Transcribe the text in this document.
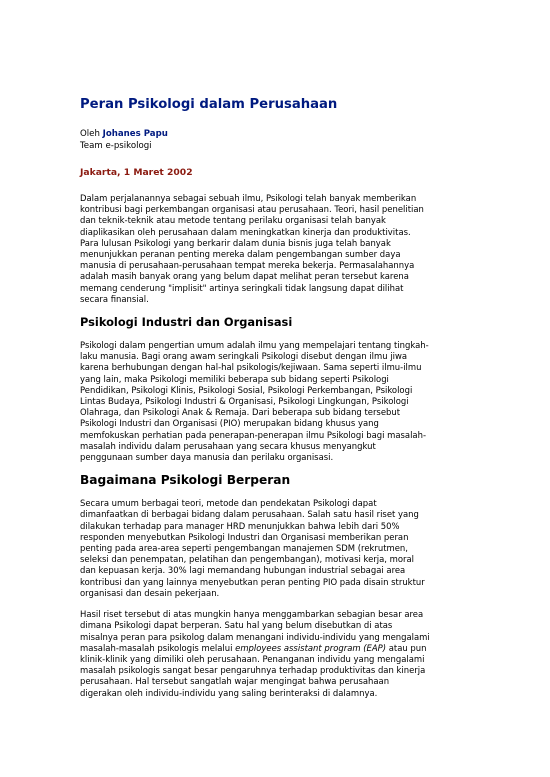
Peran Psikologi dalam Perusahaan

Oleh Johanes Papu

Team e-psikologi

Jakarta, 1 Maret 2002

Dalam perjalanannya sebagai sebuah ilmu, Psikologi telah banyak memberikan
kontribusi bagi perkembangan organisasi atau perusahaan. Teori, hasil penelitian
dan teknik-teknik atau metode tentang perilaku organisasi telah banyak
diaplikasikan oleh perusahaan dalam meningkatkan kinerja dan produktivitas.
Para lulusan Psikologi yang berkarir dalam dunia bisnis juga telah banyak
menunjukkan peranan penting mereka dalam pengembangan sumber daya
manusia di perusahaan-perusahaan tempat mereka bekerja. Permasalahannya
adalah masih banyak orang yang belum dapat melihat peran tersebut karena
memang cenderung "implisit" artinya seringkali tidak langsung dapat dilihat
secara finansial.

Psikologi Industri dan Organisasi

Psikologi dalam pengertian umum adalah ilmu yang mempelajari tentang tingkah-
laku manusia. Bagi orang awam seringkali Psikologi disebut dengan ilmu jiwa
karena berhubungan dengan hal-hal psikologis/kejiwaan. Sama seperti ilmu-ilmu
yang lain, maka Psikologi memiliki beberapa sub bidang seperti Psikologi
Pendidikan, Psikologi Klinis, Psikologi Sosial, Psikologi Perkembangan, Psikologi
Lintas Budaya, Psikologi Industri & Organisasi, Psikologi Lingkungan, Psikologi
Olahraga, dan Psikologi Anak & Remaja. Dari beberapa sub bidang tersebut
Psikologi Industri dan Organisasi (PIO) merupakan bidang khusus yang
memfokuskan perhatian pada penerapan-penerapan ilmu Psikologi bagi masalah-
masalah individu dalam perusahaan yang secara khusus menyangkut
penggunaan sumber daya manusia dan perilaku organisasi.

Bagaimana Psikologi Berperan

Secara umum berbagai teori, metode dan pendekatan Psikologi dapat
dimanfaatkan di berbagai bidang dalam perusahaan. Salah satu hasil riset yang
dilakukan terhadap para manager HRD menunjukkan bahwa lebih dari 50%
responden menyebutkan Psikologi Industri dan Organisasi memberikan peran
penting pada area-area seperti pengembangan manajemen SDM (rekrutmen,
seleksi dan penempatan, pelatihan dan pengembangan), motivasi kerja, moral
dan kepuasan kerja. 30% lagi memandang hubungan industrial sebagai area
kontribusi dan yang lainnya menyebutkan peran penting PIO pada disain struktur
organisasi dan desain pekerjaan.

Hasil riset tersebut di atas mungkin hanya menggambarkan sebagian besar area
dimana Psikologi dapat berperan. Satu hal yang belum disebutkan di atas
misalnya peran para psikolog dalam menangani individu-individu yang mengalami
masalah-masalah psikologis melalui employees assistant program (EAP) atau pun
klinik-klinik yang dimiliki oleh perusahaan. Penanganan individu yang mengalami
masalah psikologis sangat besar pengaruhnya terhadap produktivitas dan kinerja
perusahaan. Hal tersebut sangatlah wajar mengingat bahwa perusahaan
digerakan oleh individu-individu yang saling berinteraksi di dalamnya.
